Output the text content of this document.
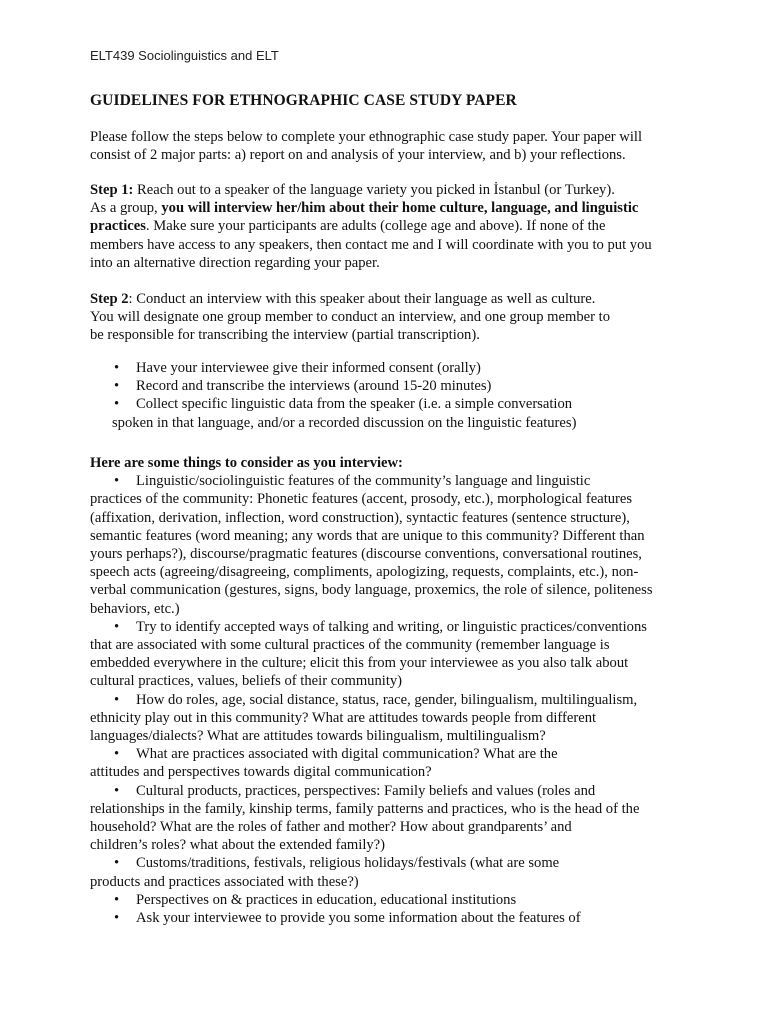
ELT439 Sociolinguistics and ELT
GUIDELINES FOR ETHNOGRAPHIC CASE STUDY PAPER
Please follow the steps below to complete your ethnographic case study paper. Your paper will
consist of 2 major parts: a) report on and analysis of your interview, and b) your reflections.
Step 1: Reach out to a speaker of the language variety you picked in İstanbul (or Turkey).
As a group, you will interview her/him about their home culture, language, and linguistic
practices. Make sure your participants are adults (college age and above). If none of the
members have access to any speakers, then contact me and I will coordinate with you to put you
into an alternative direction regarding your paper.
Step 2: Conduct an interview with this speaker about their language as well as culture.
You will designate one group member to conduct an interview, and one group member to
be responsible for transcribing the interview (partial transcription).
• Have your interviewee give their informed consent (orally)
• Record and transcribe the interviews (around 15-20 minutes)
• Collect specific linguistic data from the speaker (i.e. a simple conversation
spoken in that language, and/or a recorded discussion on the linguistic features)
Here are some things to consider as you interview:
• Linguistic/sociolinguistic features of the community’s language and linguistic
practices of the community: Phonetic features (accent, prosody, etc.), morphological features
(affixation, derivation, inflection, word construction), syntactic features (sentence structure),
semantic features (word meaning; any words that are unique to this community? Different than
yours perhaps?), discourse/pragmatic features (discourse conventions, conversational routines,
speech acts (agreeing/disagreeing, compliments, apologizing, requests, complaints, etc.), non-
verbal communication (gestures, signs, body language, proxemics, the role of silence, politeness
behaviors, etc.)
• Try to identify accepted ways of talking and writing, or linguistic practices/conventions
that are associated with some cultural practices of the community (remember language is
embedded everywhere in the culture; elicit this from your interviewee as you also talk about
cultural practices, values, beliefs of their community)
• How do roles, age, social distance, status, race, gender, bilingualism, multilingualism,
ethnicity play out in this community? What are attitudes towards people from different
languages/dialects? What are attitudes towards bilingualism, multilingualism?
• What are practices associated with digital communication? What are the
attitudes and perspectives towards digital communication?
• Cultural products, practices, perspectives: Family beliefs and values (roles and
relationships in the family, kinship terms, family patterns and practices, who is the head of the
household? What are the roles of father and mother? How about grandparents’ and
children’s roles? what about the extended family?)
• Customs/traditions, festivals, religious holidays/festivals (what are some
products and practices associated with these?)
• Perspectives on & practices in education, educational institutions
• Ask your interviewee to provide you some information about the features of
